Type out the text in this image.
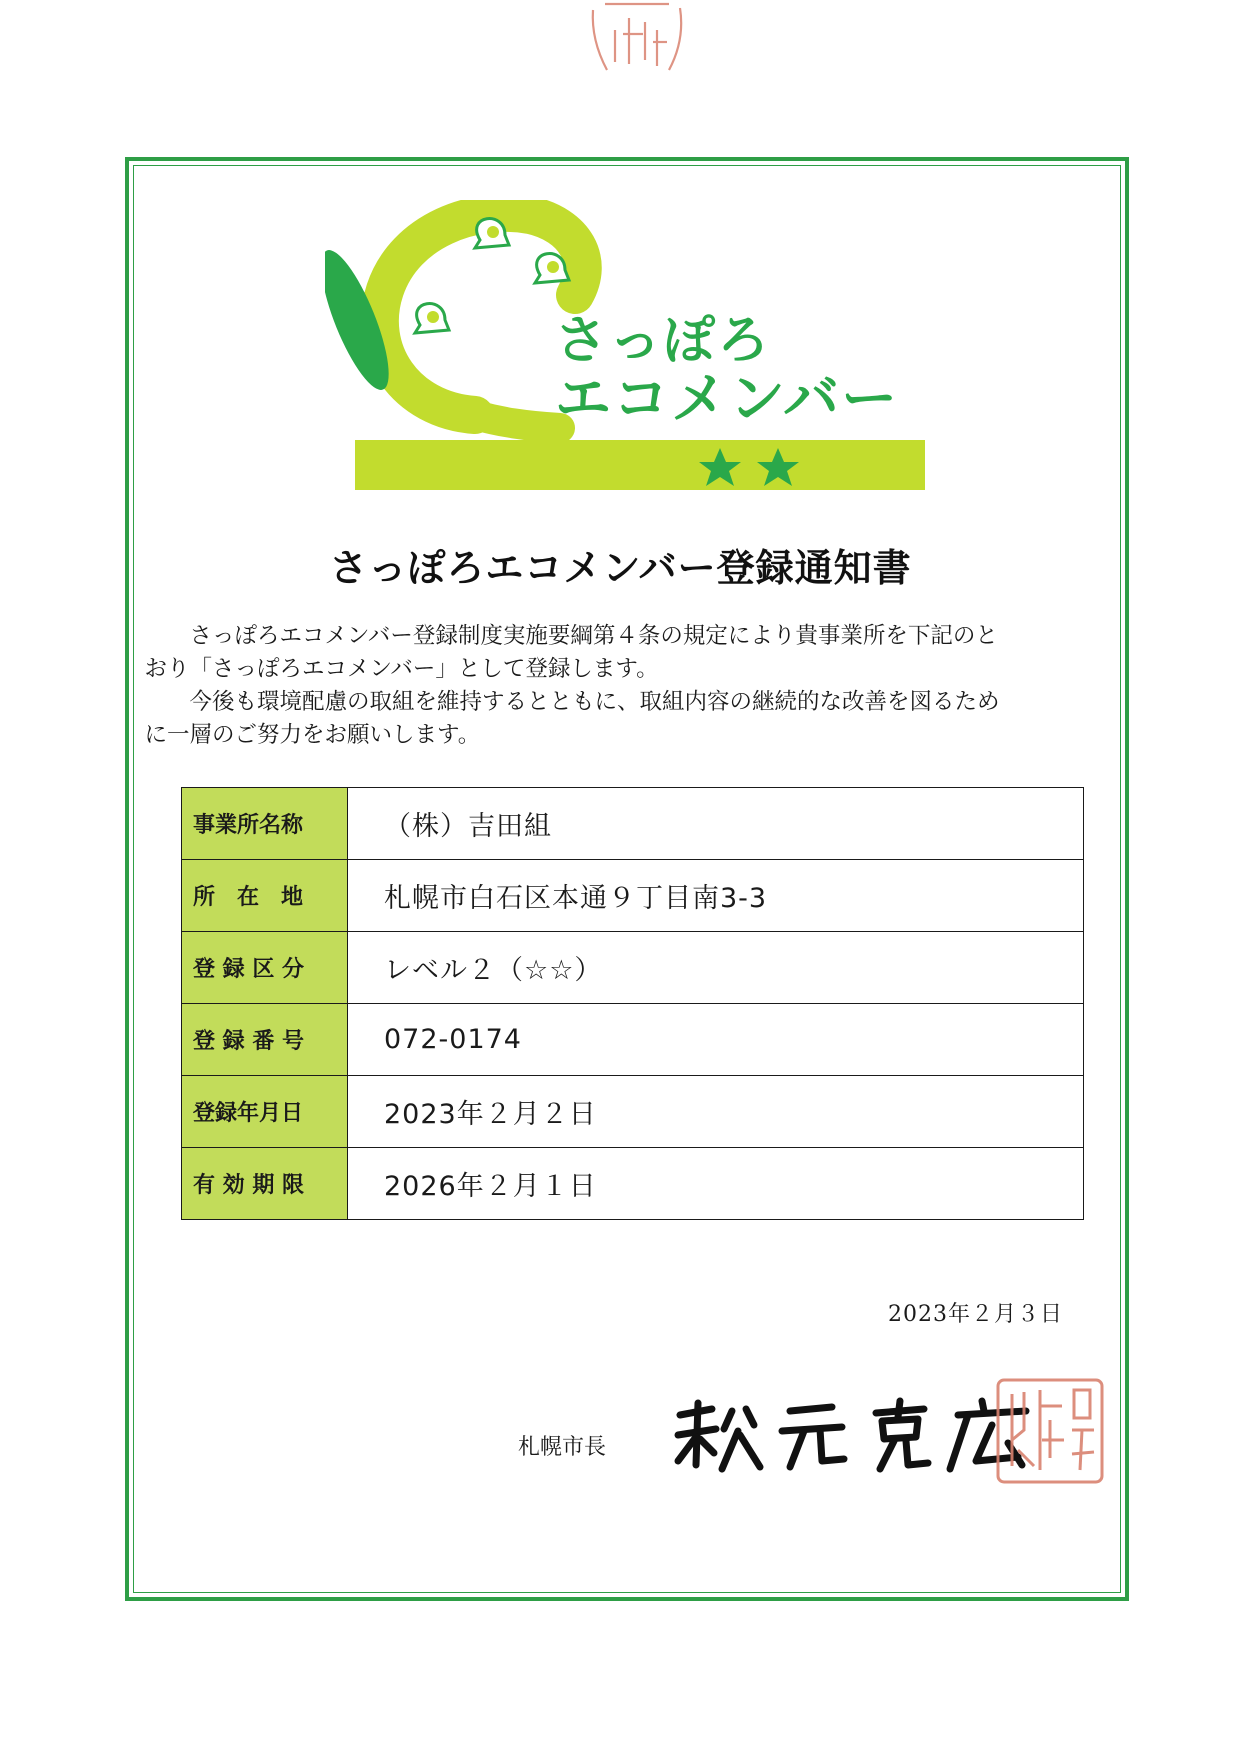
さっぽろ
エコメンバー
さっぽろエコメンバー登録通知書

さっぽろエコメンバー登録制度実施要綱第４条の規定により貴事業所を下記のと
おり「さっぽろエコメンバー」として登録します。

今後も環境配慮の取組を維持するとともに、取組内容の継続的な改善を図るため
に一層のご努力をお願いします。

事業所名称	（株）吉田組
所　在　地	札幌市白石区本通９丁目南3-3
登 録 区 分	レベル２（☆☆）
登 録 番 号	072-0174
登録年月日	2023年２月２日
有 効 期 限	2026年２月１日
2023年２月３日
札幌市長
